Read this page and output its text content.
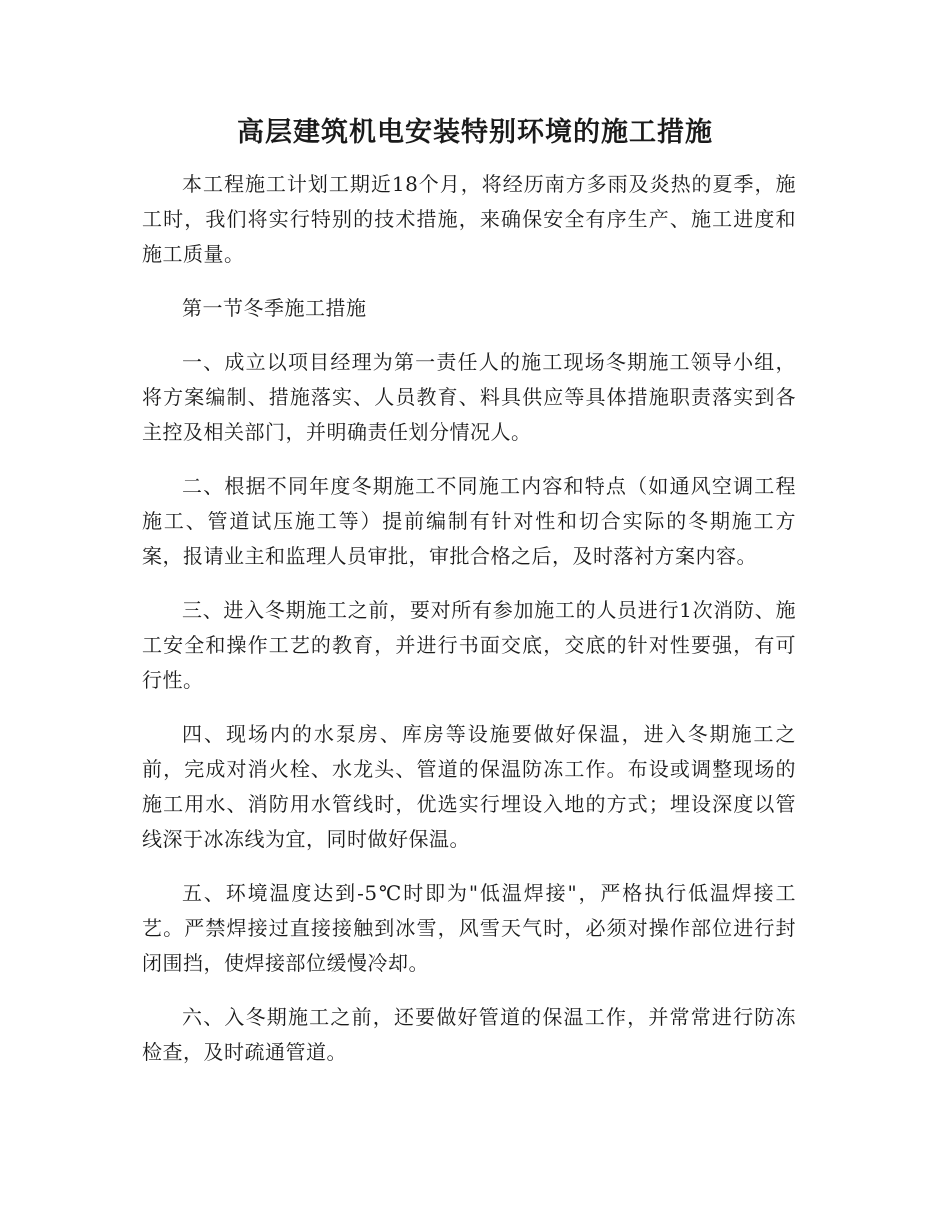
高层建筑机电安装特别环境的施工措施

本工程施工计划工期近18个月，将经历南方多雨及炎热的夏季，施工时，我们将实行特别的技术措施，来确保安全有序生产、施工进度和施工质量。

第一节冬季施工措施

一、成立以项目经理为第一责任人的施工现场冬期施工领导小组，将方案编制、措施落实、人员教育、料具供应等具体措施职责落实到各主控及相关部门，并明确责任划分情况人。

二、根据不同年度冬期施工不同施工内容和特点（如通风空调工程施工、管道试压施工等）提前编制有针对性和切合实际的冬期施工方案，报请业主和监理人员审批，审批合格之后，及时落衬方案内容。

三、进入冬期施工之前，要对所有参加施工的人员进行1次消防、施工安全和操作工艺的教育，并进行书面交底，交底的针对性要强，有可行性。

四、现场内的水泵房、库房等设施要做好保温，进入冬期施工之前，完成对消火栓、水龙头、管道的保温防冻工作。布设或调整现场的施工用水、消防用水管线时，优选实行埋设入地的方式；埋设深度以管线深于冰冻线为宜，同时做好保温。

五、环境温度达到-5℃时即为"低温焊接"，严格执行低温焊接工艺。严禁焊接过直接接触到冰雪，风雪天气时，必须对操作部位进行封闭围挡，使焊接部位缓慢冷却。

六、入冬期施工之前，还要做好管道的保温工作，并常常进行防冻检查，及时疏通管道。
